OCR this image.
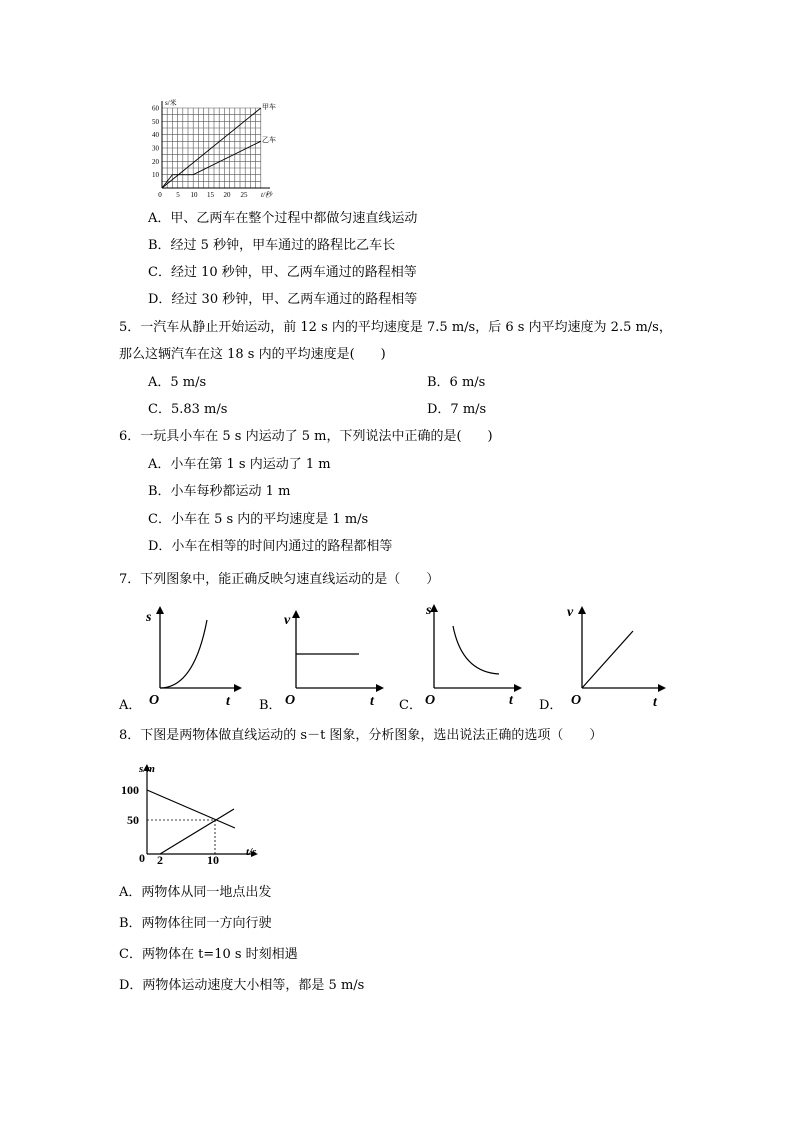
s/米
t/秒
60
50
40
30
20
10
0 5 10 15 20 25
甲车
乙车
A．甲、乙两车在整个过程中都做匀速直线运动
B．经过 5 秒钟，甲车通过的路程比乙车长
C．经过 10 秒钟，甲、乙两车通过的路程相等
D．经过 30 秒钟，甲、乙两车通过的路程相等
5．一汽车从静止开始运动，前 12 s 内的平均速度是 7.5 m/s，后 6 s 内平均速度为 2.5 m/s，
那么这辆汽车在这 18 s 内的平均速度是(　　)
A．5 m/s	B．6 m/s
C．5.83 m/s	D．7 m/s
6．一玩具小车在 5 s 内运动了 5 m，下列说法中正确的是(　　)
A．小车在第 1 s 内运动了 1 m
B．小车每秒都运动 1 m
C．小车在 5 s 内的平均速度是 1 m/s
D．小车在相等的时间内通过的路程都相等
7．下列图象中，能正确反映匀速直线运动的是（　　）
A．
s
t
O	B．
v
t
O	C．
s
t
O	D．
v
t
O
8．下图是两物体做直线运动的 s－t 图象，分析图象，选出说法正确的选项（　　）
s/m
t/s
100
50
0 2	10
A．两物体从同一地点出发
B．两物体往同一方向行驶
C．两物体在 t=10 s 时刻相遇
D．两物体运动速度大小相等，都是 5 m/s
